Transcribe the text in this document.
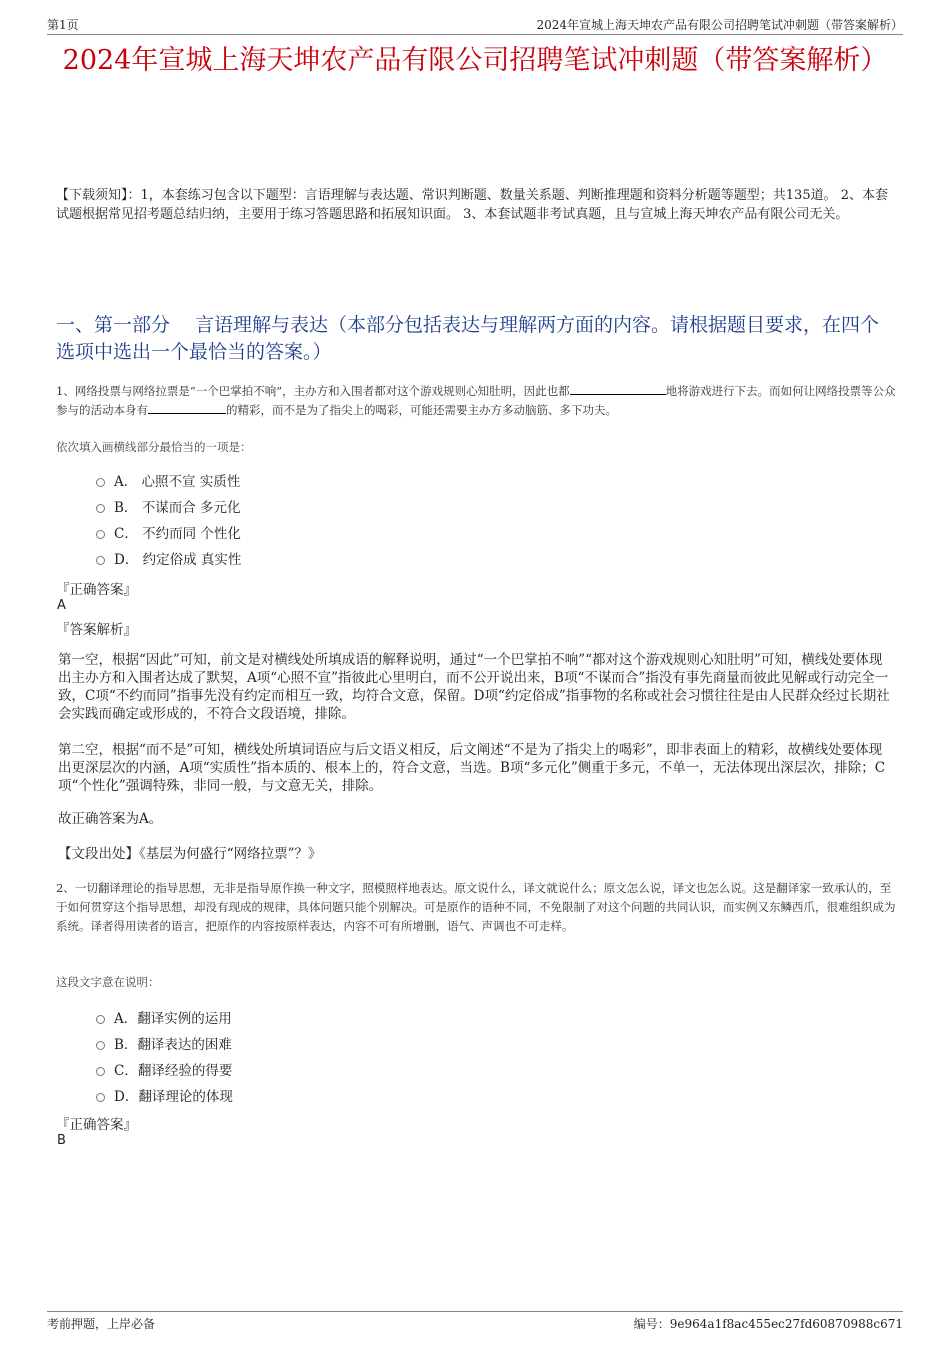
第1页	2024年宣城上海天坤农产品有限公司招聘笔试冲刺题（带答案解析）
2024年宣城上海天坤农产品有限公司招聘笔试冲刺题（带答案解析）
【下载须知】：1，本套练习包含以下题型：言语理解与表达题、常识判断题、数量关系题、判断推理题和资料分析题等题型；共135道。 2、本套试题根据常见招考题总结归纳，主要用于练习答题思路和拓展知识面。 3、本套试题非考试真题，且与宣城上海天坤农产品有限公司无关。
一、第一部分　 言语理解与表达（本部分包括表达与理解两方面的内容。请根据题目要求，在四个选项中选出一个最恰当的答案。）
1、网络投票与网络拉票是“一个巴掌拍不响”，主办方和入围者都对这个游戏规则心知肚明，因此也都	地将游戏进行下去。而如何让网络投票等公众参与的活动本身有	的精彩，而不是为了指尖上的喝彩，可能还需要主办方多动脑筋、多下功夫。
依次填入画横线部分最恰当的一项是：
A． 心照不宣 实质性
B． 不谋而合 多元化
C． 不约而同 个性化
D． 约定俗成 真实性
『正确答案』
A
『答案解析』
第一空，根据“因此”可知，前文是对横线处所填成语的解释说明，通过“一个巴掌拍不响”“都对这个游戏规则心知肚明”可知，横线处要体现出主办方和入围者达成了默契，A项“心照不宣”指彼此心里明白，而不公开说出来，B项“不谋而合”指没有事先商量而彼此见解或行动完全一致，C项“不约而同”指事先没有约定而相互一致，均符合文意，保留。D项“约定俗成”指事物的名称或社会习惯往往是由人民群众经过长期社会实践而确定或形成的，不符合文段语境，排除。
第二空，根据“而不是”可知，横线处所填词语应与后文语义相反，后文阐述“不是为了指尖上的喝彩”，即非表面上的精彩，故横线处要体现出更深层次的内涵，A项“实质性”指本质的、根本上的，符合文意，当选。B项“多元化”侧重于多元，不单一，无法体现出深层次，排除；C项“个性化”强调特殊，非同一般，与文意无关，排除。
故正确答案为A。
【文段出处】《基层为何盛行“网络拉票”？》
2、一切翻译理论的指导思想，无非是指导原作换一种文字，照模照样地表达。原文说什么，译文就说什么；原文怎么说，译文也怎么说。这是翻译家一致承认的，至于如何贯穿这个指导思想，却没有现成的规律，具体问题只能个别解决。可是原作的语种不同，不免限制了对这个问题的共同认识，而实例又东鳞西爪，很难组织成为系统。译者得用读者的语言，把原作的内容按原样表达，内容不可有所增删，语气、声调也不可走样。
这段文字意在说明：
A．翻译实例的运用
B．翻译表达的困难
C．翻译经验的得要
D．翻译理论的体现
『正确答案』
B
考前押题，上岸必备	编号：9e964a1f8ac455ec27fd60870988c671
